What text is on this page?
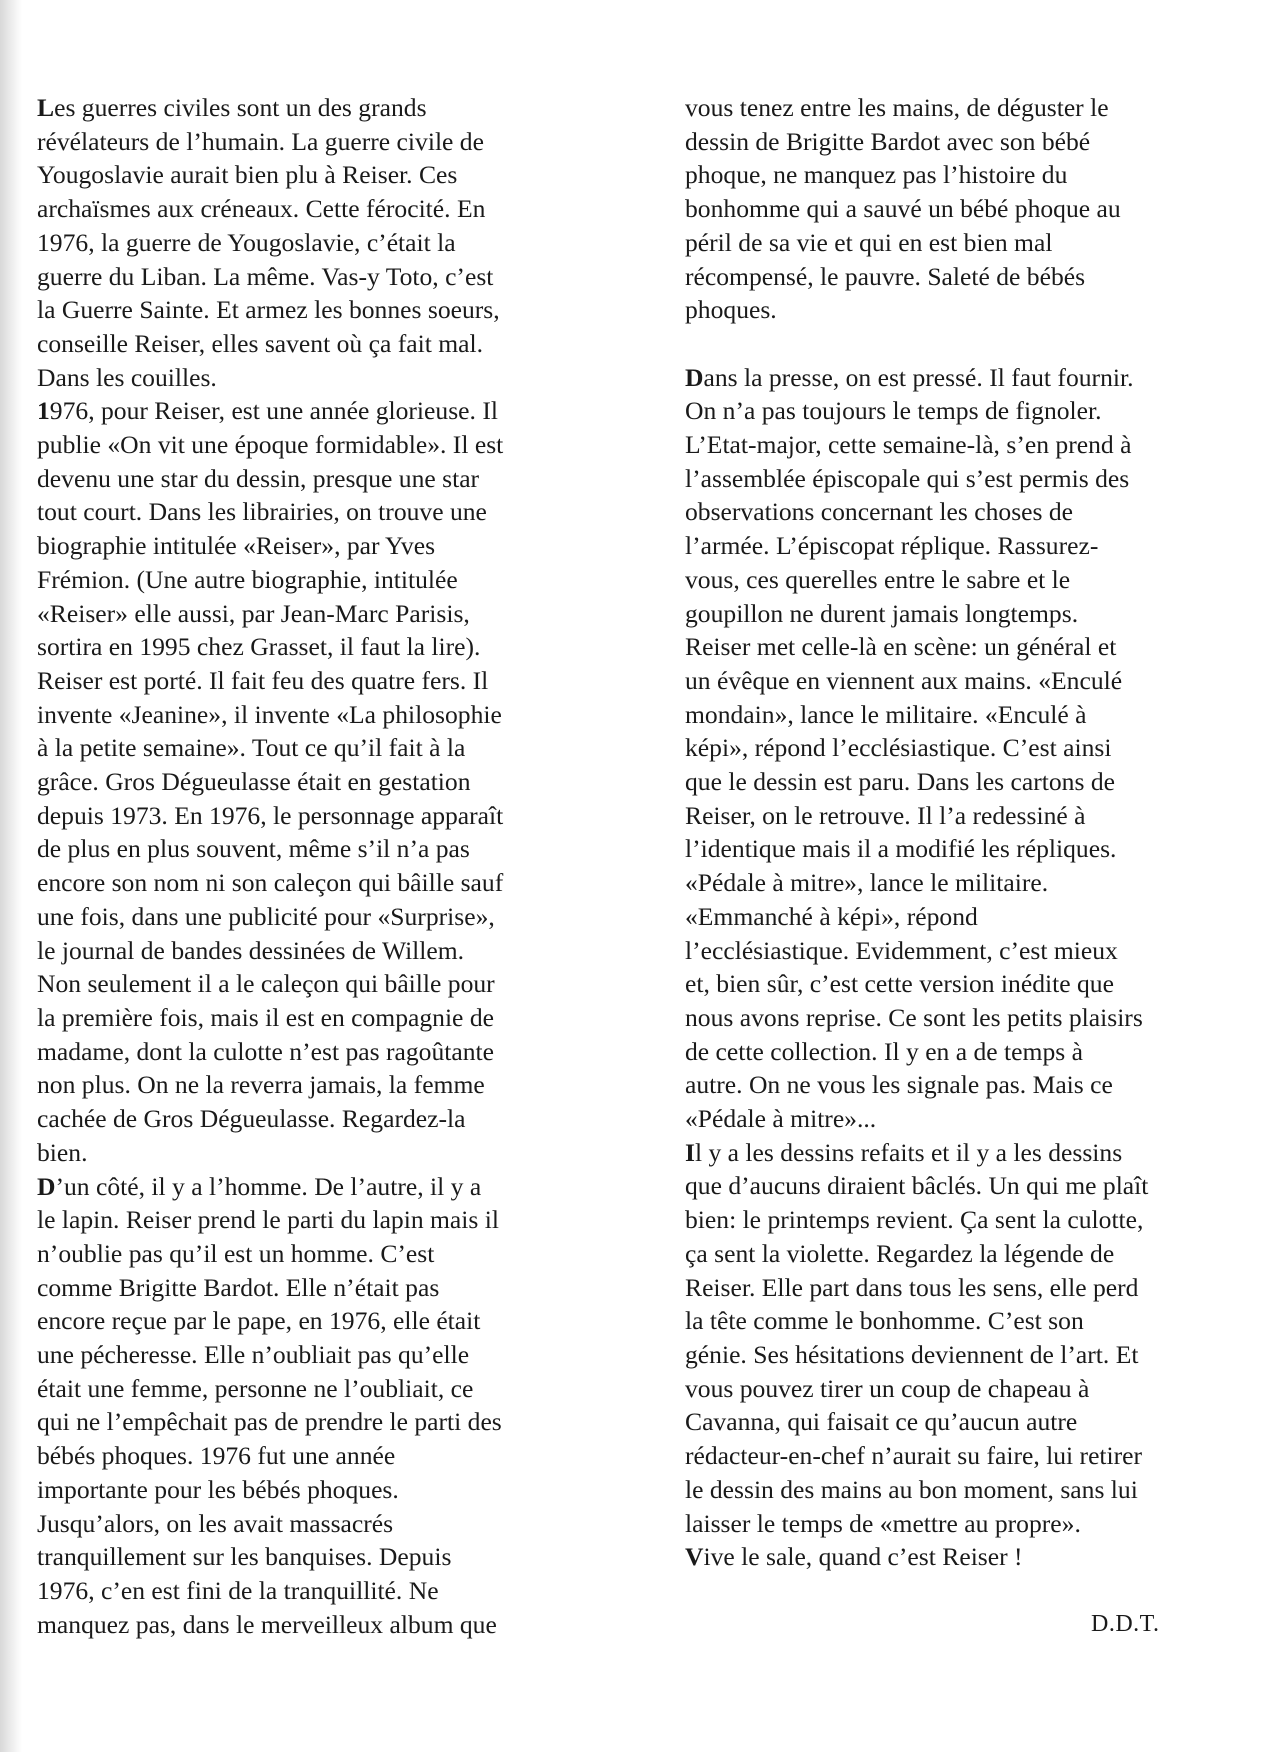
Les guerres civiles sont un des grands
révélateurs de l’humain. La guerre civile de
Yougoslavie aurait bien plu à Reiser. Ces
archaïsmes aux créneaux. Cette férocité. En
1976, la guerre de Yougoslavie, c’était la
guerre du Liban. La même. Vas-y Toto, c’est
la Guerre Sainte. Et armez les bonnes soeurs,
conseille Reiser, elles savent où ça fait mal.
Dans les couilles.
1976, pour Reiser, est une année glorieuse. Il
publie «On vit une époque formidable». Il est
devenu une star du dessin, presque une star
tout court. Dans les librairies, on trouve une
biographie intitulée «Reiser», par Yves
Frémion. (Une autre biographie, intitulée
«Reiser» elle aussi, par Jean-Marc Parisis,
sortira en 1995 chez Grasset, il faut la lire).
Reiser est porté. Il fait feu des quatre fers. Il
invente «Jeanine», il invente «La philosophie
à la petite semaine». Tout ce qu’il fait à la
grâce. Gros Dégueulasse était en gestation
depuis 1973. En 1976, le personnage apparaît
de plus en plus souvent, même s’il n’a pas
encore son nom ni son caleçon qui bâille sauf
une fois, dans une publicité pour «Surprise»,
le journal de bandes dessinées de Willem.
Non seulement il a le caleçon qui bâille pour
la première fois, mais il est en compagnie de
madame, dont la culotte n’est pas ragoûtante
non plus. On ne la reverra jamais, la femme
cachée de Gros Dégueulasse. Regardez-la
bien.
D’un côté, il y a l’homme. De l’autre, il y a
le lapin. Reiser prend le parti du lapin mais il
n’oublie pas qu’il est un homme. C’est
comme Brigitte Bardot. Elle n’était pas
encore reçue par le pape, en 1976, elle était
une pécheresse. Elle n’oubliait pas qu’elle
était une femme, personne ne l’oubliait, ce
qui ne l’empêchait pas de prendre le parti des
bébés phoques. 1976 fut une année
importante pour les bébés phoques.
Jusqu’alors, on les avait massacrés
tranquillement sur les banquises. Depuis
1976, c’en est fini de la tranquillité. Ne
manquez pas, dans le merveilleux album que
vous tenez entre les mains, de déguster le
dessin de Brigitte Bardot avec son bébé
phoque, ne manquez pas l’histoire du
bonhomme qui a sauvé un bébé phoque au
péril de sa vie et qui en est bien mal
récompensé, le pauvre. Saleté de bébés
phoques.
Dans la presse, on est pressé. Il faut fournir.
On n’a pas toujours le temps de fignoler.
L’Etat-major, cette semaine-là, s’en prend à
l’assemblée épiscopale qui s’est permis des
observations concernant les choses de
l’armée. L’épiscopat réplique. Rassurez-
vous, ces querelles entre le sabre et le
goupillon ne durent jamais longtemps.
Reiser met celle-là en scène: un général et
un évêque en viennent aux mains. «Enculé
mondain», lance le militaire. «Enculé à
képi», répond l’ecclésiastique. C’est ainsi
que le dessin est paru. Dans les cartons de
Reiser, on le retrouve. Il l’a redessiné à
l’identique mais il a modifié les répliques.
«Pédale à mitre», lance le militaire.
«Emmanché à képi», répond
l’ecclésiastique. Evidemment, c’est mieux
et, bien sûr, c’est cette version inédite que
nous avons reprise. Ce sont les petits plaisirs
de cette collection. Il y en a de temps à
autre. On ne vous les signale pas. Mais ce
«Pédale à mitre»...
Il y a les dessins refaits et il y a les dessins
que d’aucuns diraient bâclés. Un qui me plaît
bien: le printemps revient. Ça sent la culotte,
ça sent la violette. Regardez la légende de
Reiser. Elle part dans tous les sens, elle perd
la tête comme le bonhomme. C’est son
génie. Ses hésitations deviennent de l’art. Et
vous pouvez tirer un coup de chapeau à
Cavanna, qui faisait ce qu’aucun autre
rédacteur-en-chef n’aurait su faire, lui retirer
le dessin des mains au bon moment, sans lui
laisser le temps de «mettre au propre».
Vive le sale, quand c’est Reiser !
D.D.T.
